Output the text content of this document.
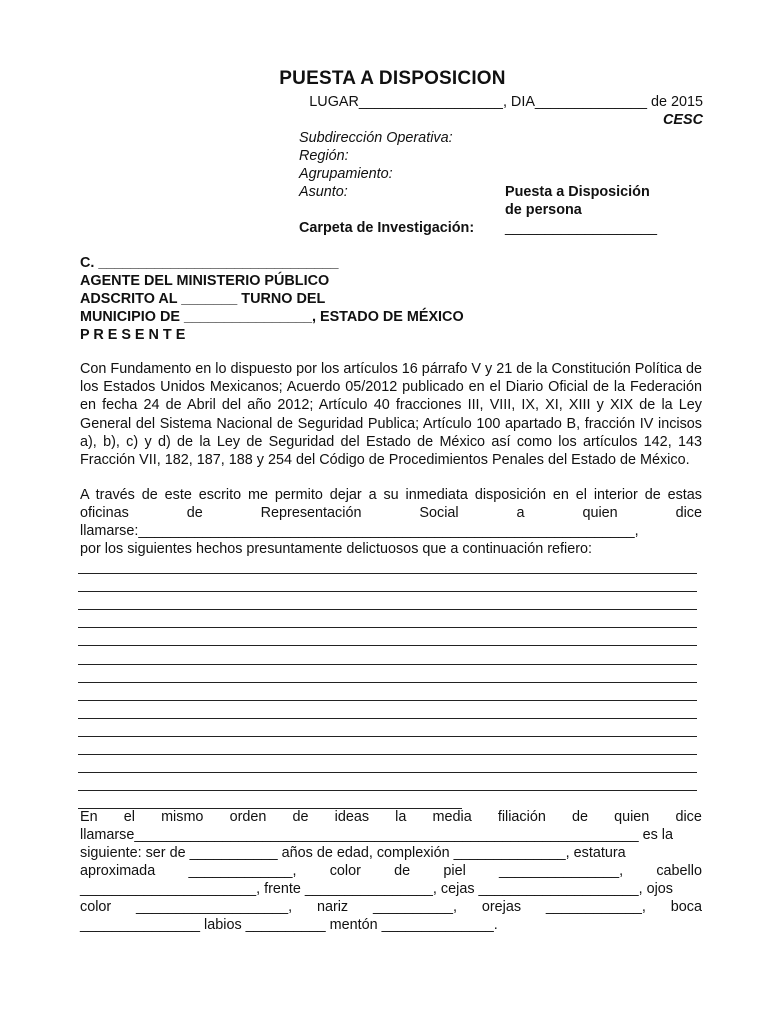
PUESTA A DISPOSICION
LUGAR__________________, DIA______________ de 2015
CESC
Subdirección Operativa:
Región:
Agrupamiento:
Asunto:	Puesta a Disposición
de persona
Carpeta de Investigación: ___________________
C. ______________________________
AGENTE DEL MINISTERIO PÚBLICO
ADSCRITO AL _______ TURNO DEL
MUNICIPIO DE ________________, ESTADO DE MÉXICO
P R E S E N T E
Con Fundamento en lo dispuesto por los artículos 16 párrafo V y 21 de la Constitución Política de los Estados Unidos Mexicanos; Acuerdo 05/2012 publicado en el Diario Oficial de la Federación en fecha 24 de Abril del año 2012; Artículo 40 fracciones III, VIII, IX, XI, XIII y XIX de la Ley General del Sistema Nacional de Seguridad Publica; Artículo 100 apartado B, fracción IV incisos a), b), c) y d) de la Ley de Seguridad del Estado de México así como los artículos 142, 143 Fracción VII, 182, 187, 188 y 254 del Código de Procedimientos Penales del Estado de México.
A través de este escrito me permito dejar a su inmediata disposición en el interior de estas
oficinas	de	Representación	Social	a	quien	dice
llamarse:______________________________________________________________,
por los siguientes hechos presuntamente delictuosos que a continuación refiero:
En el mismo orden de ideas la media filiación de quien dice
llamarse_______________________________________________________________ es la
siguiente: ser de ___________ años de edad, complexión ______________, estatura
aproximada _____________, color de piel _______________, cabello
______________________, frente ________________, cejas ____________________, ojos
color ___________________, nariz __________, orejas ____________, boca
_______________ labios __________ mentón ______________.
